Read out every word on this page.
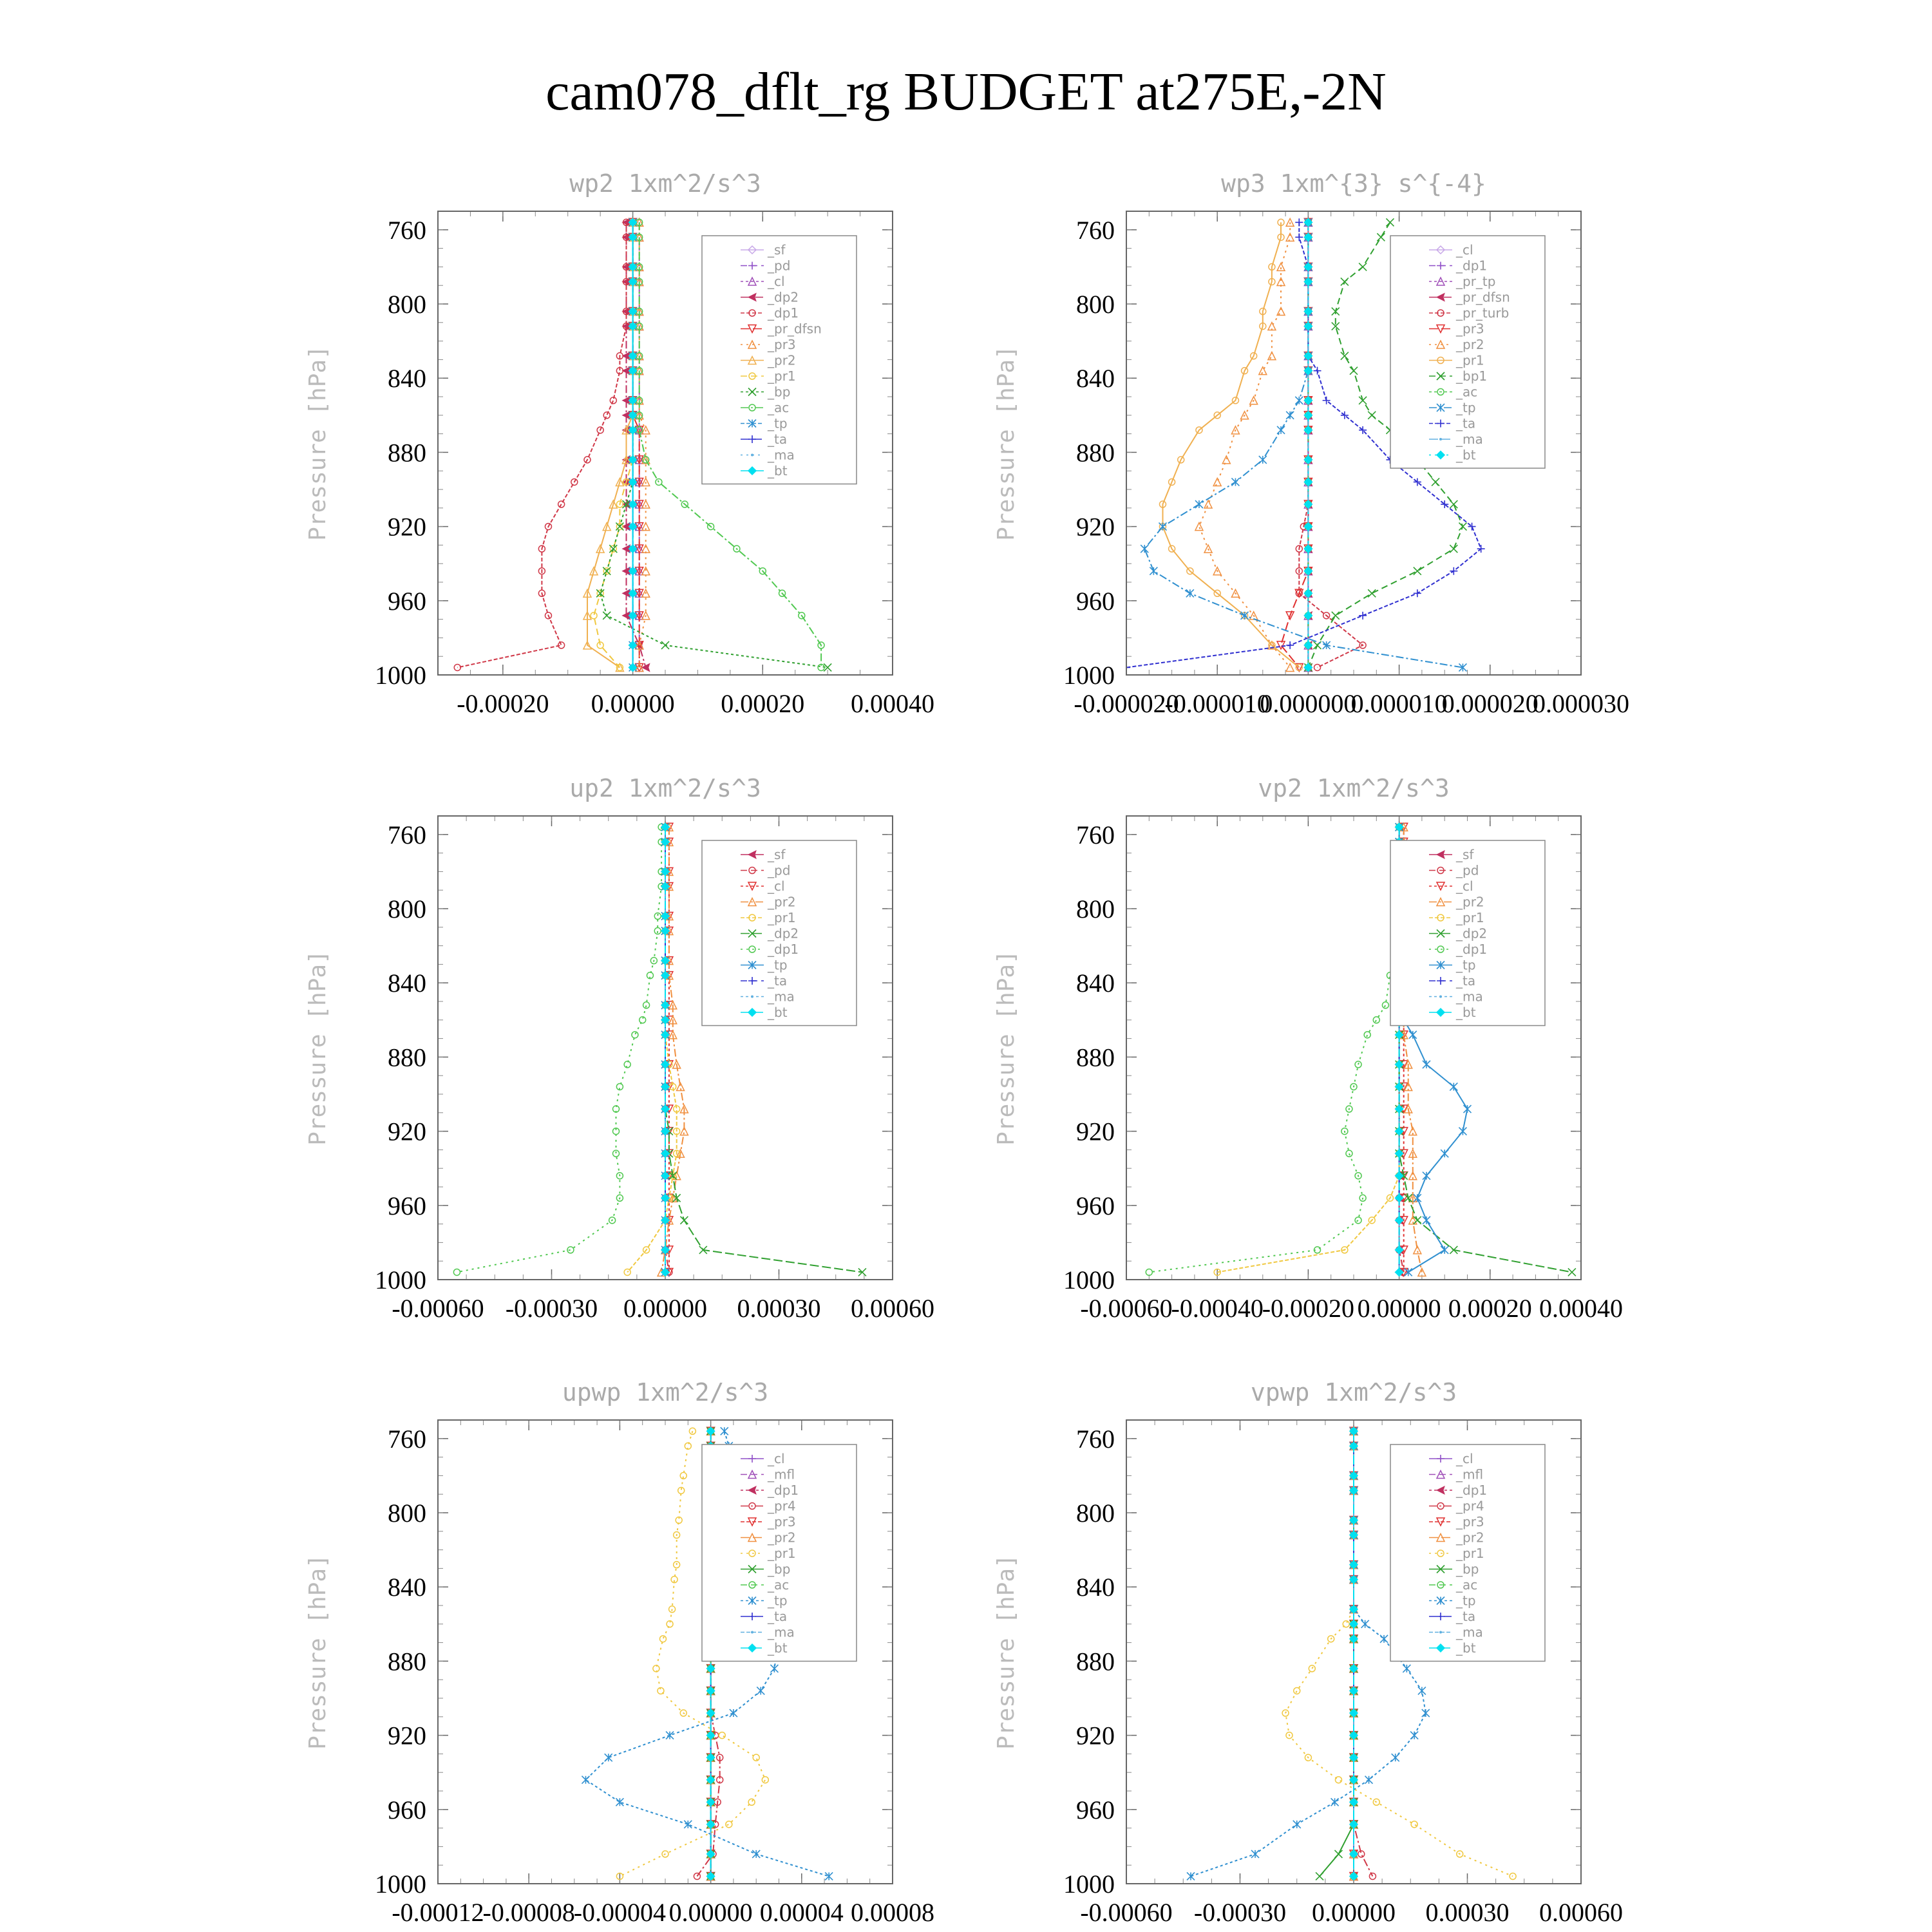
cam078_dflt_rg BUDGET at275E,-2N
wp2 1xm^2/s^3
Pressure [hPa]
760
800
840
880
920
960
1000
-0.00020 0.00000 0.00020 0.00040
_sf
_pd
_cl
_dp2
_dp1
_pr_dfsn
_pr3
_pr2
_pr1
_bp
_ac
_tp
_ta
_ma
_bt
wp3 1xm^{3} s^{-4}
Pressure [hPa]
760
800
840
880
920
960
1000
-0.000020
-0.000010
0.000000
0.000010
0.000020
0.000030
_cl
_dp1
_pr_tp
_pr_dfsn
_pr_turb
_pr3
_pr2
_pr1
_bp1
_ac
_tp
_ta
_ma
_bt
up2 1xm^2/s^3
Pressure [hPa]
760
800
840
880
920
960
1000
-0.00060 -0.00030 0.00000 0.00030 0.00060
_sf
_pd
_cl
_pr2
_pr1
_dp2
_dp1
_tp
_ta
_ma
_bt
vp2 1xm^2/s^3
Pressure [hPa]
760
800
840
880
920
960
1000
-0.00060
-0.00040
-0.00020 0.00000 0.00020 0.00040
_sf
_pd
_cl
_pr2
_pr1
_dp2
_dp1
_tp
_ta
_ma
_bt
upwp 1xm^2/s^3
Pressure [hPa]
760
800
840
880
920
960
1000
-0.00012
-0.00008
-0.00004 0.00000 0.00004 0.00008
_cl
_mfl
_dp1
_pr4
_pr3
_pr2
_pr1
_bp
_ac
_tp
_ta
_ma
_bt
vpwp 1xm^2/s^3
Pressure [hPa]
760
800
840
880
920
960
1000
-0.00060 -0.00030 0.00000 0.00030 0.00060
_cl
_mfl
_dp1
_pr4
_pr3
_pr2
_pr1
_bp
_ac
_tp
_ta
_ma
_bt
